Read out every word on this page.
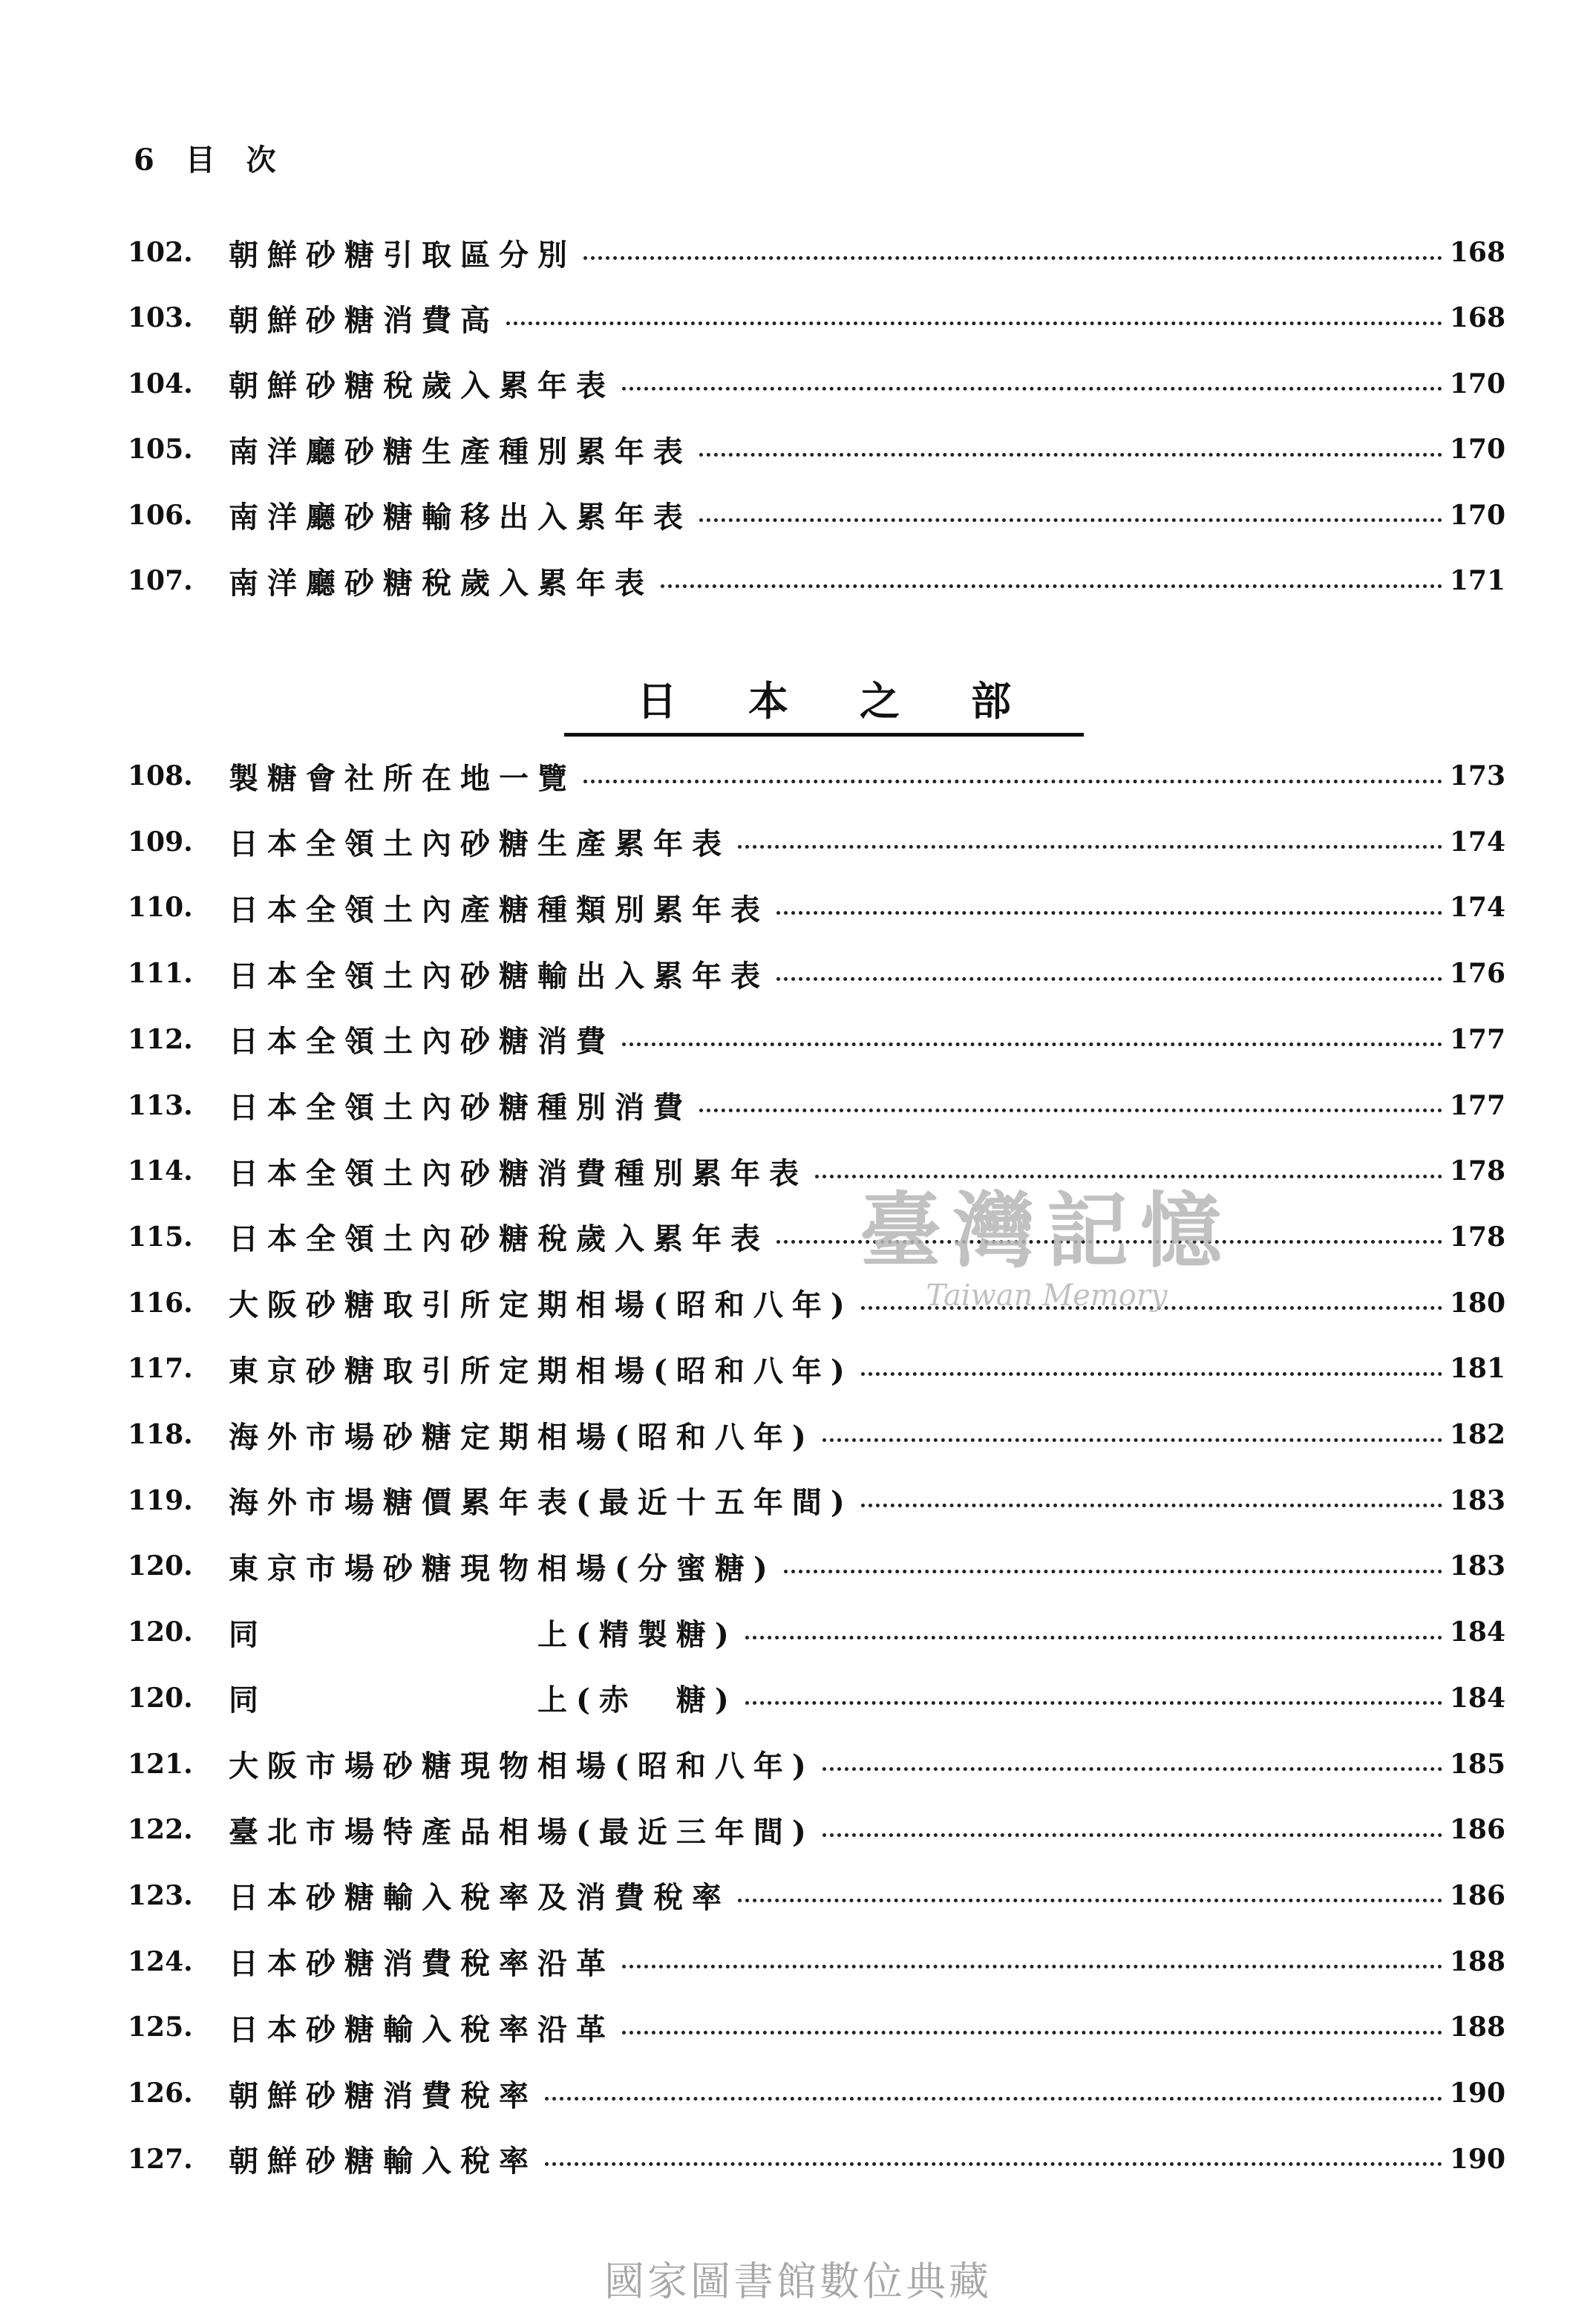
6 目 次
102.	朝鮮砂糖引取區分別	168
103.	朝鮮砂糖消費高	168
104.	朝鮮砂糖稅歲入累年表	170
105.	南洋廳砂糖生產種別累年表	170
106.	南洋廳砂糖輸移出入累年表	170
107.	南洋廳砂糖稅歲入累年表	171
日本之部
108.	製糖會社所在地一覽	173
109.	日本全領土內砂糖生產累年表	174
110.	日本全領土內產糖種類別累年表	174
111.	日本全領土內砂糖輸出入累年表	176
112.	日本全領土內砂糖消費	177
113.	日本全領土內砂糖種別消費	177
114.	日本全領土內砂糖消費種別累年表	178
115.	日本全領土內砂糖稅歲入累年表	178
116.	大阪砂糖取引所定期相場(昭和八年)	180
117.	東京砂糖取引所定期相場(昭和八年)	181
118.	海外市場砂糖定期相場(昭和八年)	182
119.	海外市場糖價累年表(最近十五年間)	183
120.	東京市場砂糖現物相場(分蜜糖)	183
120.	同　　　　　　　上(精製糖)	184
120.	同　　　　　　　上(赤　糖)	184
121.	大阪市場砂糖現物相場(昭和八年)	185
122.	臺北市場特產品相場(最近三年間)	186
123.	日本砂糖輸入稅率及消費稅率	186
124.	日本砂糖消費稅率沿革	188
125.	日本砂糖輸入稅率沿革	188
126.	朝鮮砂糖消費稅率	190
127.	朝鮮砂糖輸入稅率	190
臺灣記憶
Taiwan Memory
國家圖書館數位典藏
